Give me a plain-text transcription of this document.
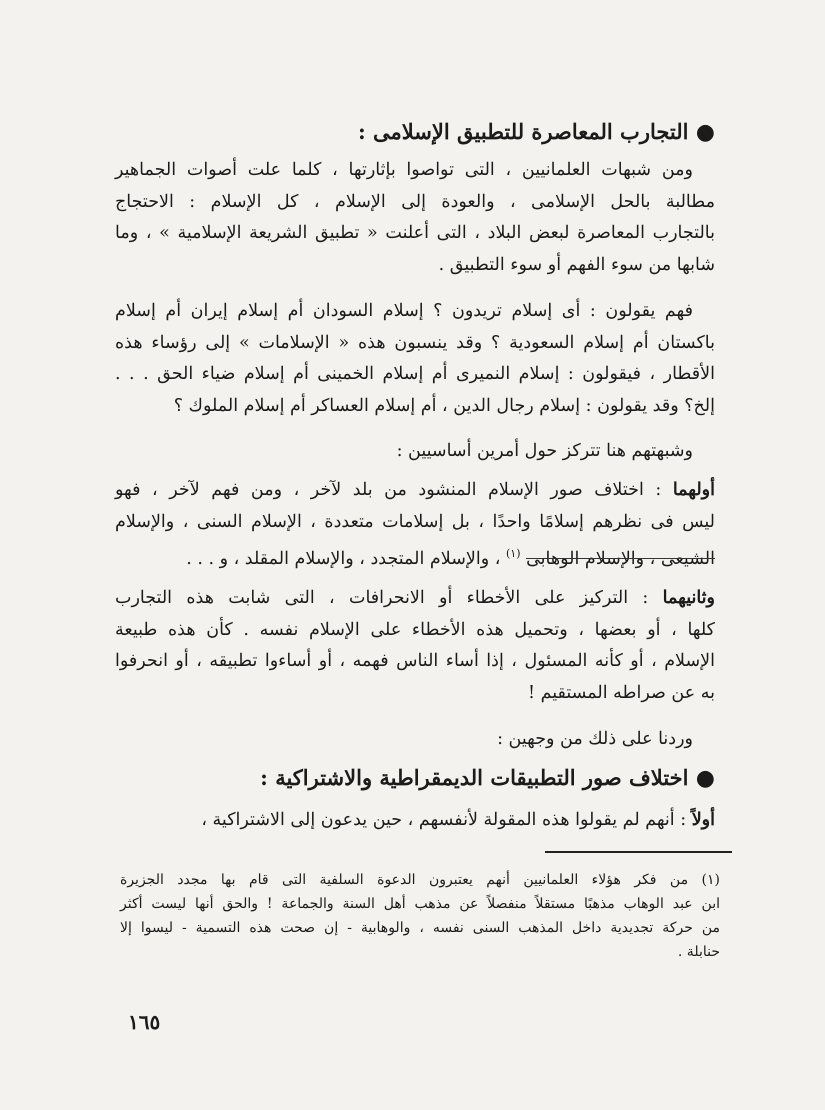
● التجارب المعاصرة للتطبيق الإسلامى :

ومن شبهات العلمانيين ، التى تواصوا بإثارتها ، كلما علت أصوات الجماهير
مطالبة بالحل الإسلامى ، والعودة إلى الإسلام ، كل الإسلام : الاحتجاج
بالتجارب المعاصرة لبعض البلاد ، التى أعلنت « تطبيق الشريعة الإسلامية » ، وما
شابها من سوء الفهم أو سوء التطبيق .

فهم يقولون : أى إسلام تريدون ؟ إسلام السودان أم إسلام إيران أم إسلام
باكستان أم إسلام السعودية ؟ وقد ينسبون هذه « الإسلامات » إلى رؤساء هذه
الأقطار ، فيقولون : إسلام النميرى أم إسلام الخمينى أم إسلام ضياء الحق . . .
إلخ؟ وقد يقولون : إسلام رجال الدين ، أم إسلام العساكر أم إسلام الملوك ؟

وشبهتهم هنا تتركز حول أمرين أساسيين :

أولهما : اختلاف صور الإسلام المنشود من بلد لآخر ، ومن فهم لآخر ، فهو
ليس فى نظرهم إسلامًا واحدًا ، بل إسلامات متعددة ، الإسلام السنى ، والإسلام
الشيعى ، والإسلام الوهابى $^{(١)}$ ، والإسلام المتجدد ، والإسلام المقلد ، و . . .

وثانيهما : التركيز على الأخطاء أو الانحرافات ، التى شابت هذه التجارب
كلها ، أو بعضها ، وتحميل هذه الأخطاء على الإسلام نفسه . كأن هذه طبيعة
الإسلام ، أو كأنه المسئول ، إذا أساء الناس فهمه ، أو أساءوا تطبيقه ، أو انحرفوا
به عن صراطه المستقيم !

وردنا على ذلك من وجهين :

● اختلاف صور التطبيقات الديمقراطية والاشتراكية :

أولاً : أنهم لم يقولوا هذه المقولة لأنفسهم ، حين يدعون إلى الاشتراكية ،

(١) من فكر هؤلاء العلمانيين أنهم يعتبرون الدعوة السلفية التى قام بها مجدد الجزيرة
ابن عبد الوهاب مذهبًا مستقلاً منفصلاً عن مذهب أهل السنة والجماعة ! والحق أنها ليست أكثر
من حركة تجديدية داخل المذهب السنى نفسه ، والوهابية - إن صحت هذه التسمية - ليسوا إلا
حنابلة .
١٦٥
